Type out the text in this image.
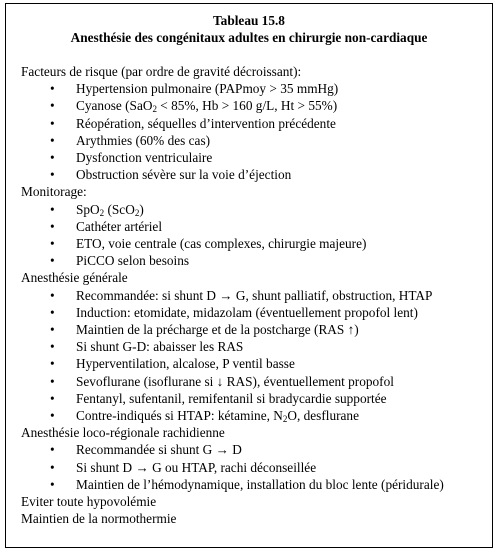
Tableau 15.8
Anesthésie des congénitaux adultes en chirurgie non-cardiaque
Facteurs de risque (par ordre de gravité décroissant):
• Hypertension pulmonaire (PAPmoy > 35 mmHg)
• Cyanose (SaO$_2$ < 85%, Hb > 160 g/L, Ht > 55%)
• Réopération, séquelles d’intervention précédente
• Arythmies (60% des cas)
• Dysfonction ventriculaire
• Obstruction sévère sur la voie d’éjection
Monitorage:
• SpO$_2$ (ScO$_2$)
• Cathéter artériel
• ETO, voie centrale (cas complexes, chirurgie majeure)
• PiCCO selon besoins
Anesthésie générale
• Recommandée: si shunt D → G, shunt palliatif, obstruction, HTAP
• Induction: etomidate, midazolam (éventuellement propofol lent)
• Maintien de la précharge et de la postcharge (RAS ↑)
• Si shunt G-D: abaisser les RAS
• Hyperventilation, alcalose, P ventil basse
• Sevoflurane (isoflurane si ↓ RAS), éventuellement propofol
• Fentanyl, sufentanil, remifentanil si bradycardie supportée
• Contre-indiqués si HTAP: kétamine, $N_2O$, desflurane
Anesthésie loco-régionale rachidienne
• Recommandée si shunt G → D
• Si shunt D → G ou HTAP, rachi déconseillée
• Maintien de l’hémodynamique, installation du bloc lente (péridurale)
Eviter toute hypovolémie
Maintien de la normothermie
